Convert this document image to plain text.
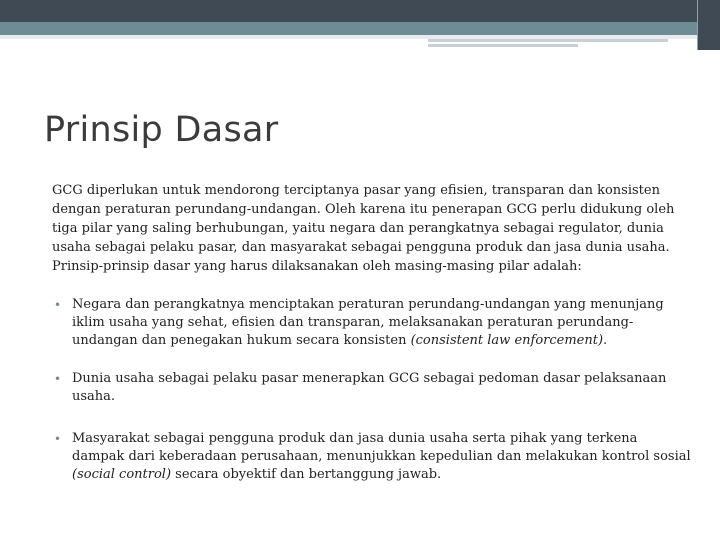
Prinsip Dasar

GCG diperlukan untuk mendorong terciptanya pasar yang efisien, transparan dan konsisten dengan peraturan perundang-undangan. Oleh karena itu penerapan GCG perlu didukung oleh tiga pilar yang saling berhubungan, yaitu negara dan perangkatnya sebagai regulator, dunia usaha sebagai pelaku pasar, dan masyarakat sebagai pengguna produk dan jasa dunia usaha. Prinsip-prinsip dasar yang harus dilaksanakan oleh masing-masing pilar adalah:

• Negara dan perangkatnya menciptakan peraturan perundang-undangan yang menunjang iklim usaha yang sehat, efisien dan transparan, melaksanakan peraturan perundang-undangan dan penegakan hukum secara konsisten (consistent law enforcement).
• Dunia usaha sebagai pelaku pasar menerapkan GCG sebagai pedoman dasar pelaksanaan usaha.
• Masyarakat sebagai pengguna produk dan jasa dunia usaha serta pihak yang terkena dampak dari keberadaan perusahaan, menunjukkan kepedulian dan melakukan kontrol sosial (social control) secara obyektif dan bertanggung jawab.
